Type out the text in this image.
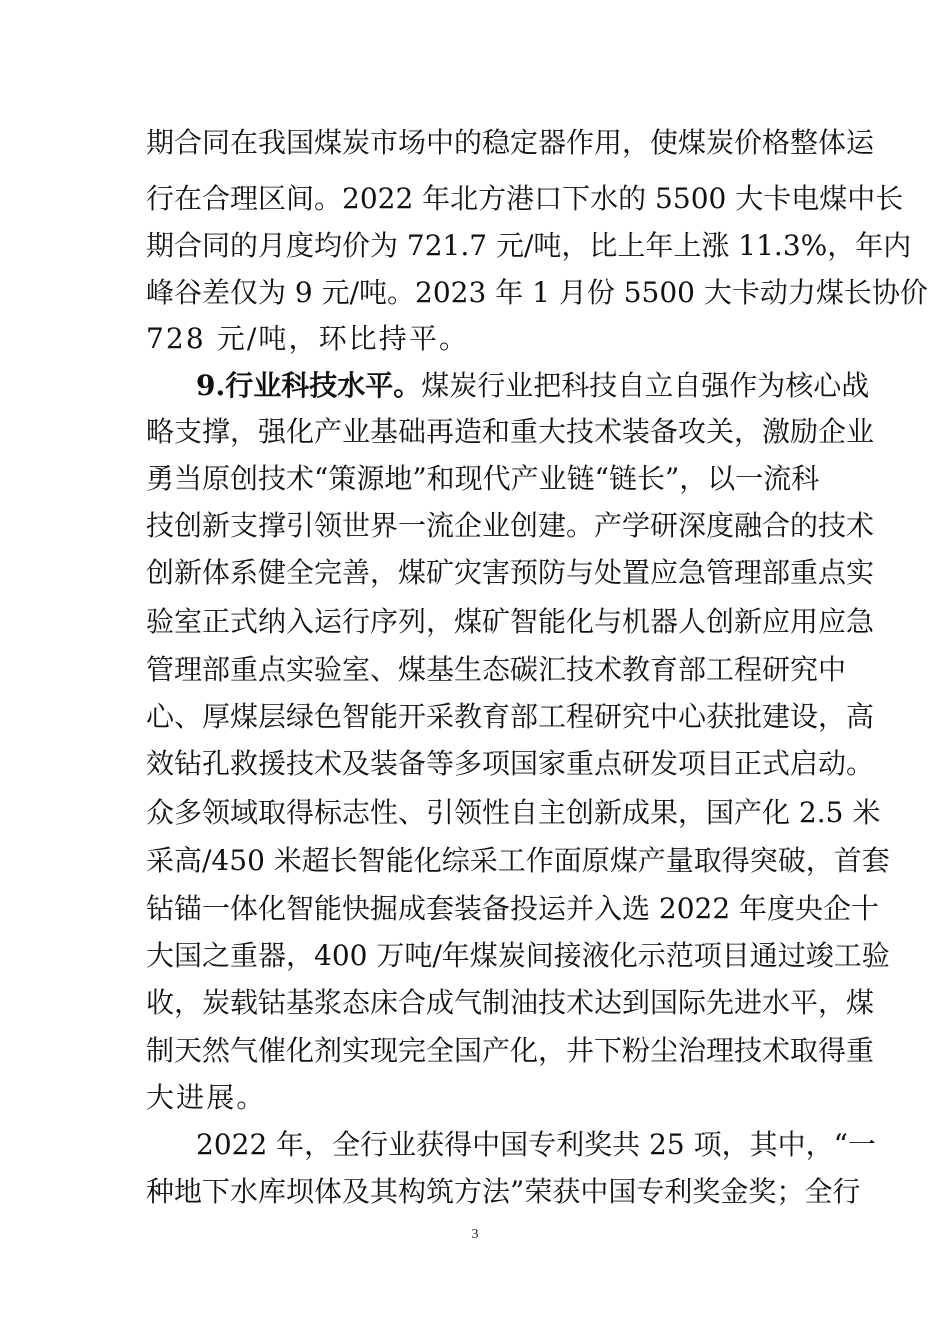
期合同在我国煤炭市场中的稳定器作用，使煤炭价格整体运
行在合理区间。2022 年北方港口下水的 5500 大卡电煤中长
期合同的月度均价为 721.7 元/吨，比上年上涨 11.3%，年内
峰谷差仅为 9 元/吨。2023 年 1 月份 5500 大卡动力煤长协价
728 元/吨，环比持平。
9.行业科技水平。煤炭行业把科技自立自强作为核心战
略支撑，强化产业基础再造和重大技术装备攻关，激励企业
勇当原创技术“策源地”和现代产业链“链长”，以一流科
技创新支撑引领世界一流企业创建。产学研深度融合的技术
创新体系健全完善，煤矿灾害预防与处置应急管理部重点实
验室正式纳入运行序列，煤矿智能化与机器人创新应用应急
管理部重点实验室、煤基生态碳汇技术教育部工程研究中
心、厚煤层绿色智能开采教育部工程研究中心获批建设，高
效钻孔救援技术及装备等多项国家重点研发项目正式启动。
众多领域取得标志性、引领性自主创新成果，国产化 2.5 米
采高/450 米超长智能化综采工作面原煤产量取得突破，首套
钻锚一体化智能快掘成套装备投运并入选 2022 年度央企十
大国之重器，400 万吨/年煤炭间接液化示范项目通过竣工验
收，炭载钴基浆态床合成气制油技术达到国际先进水平，煤
制天然气催化剂实现完全国产化，井下粉尘治理技术取得重
大进展。
2022 年，全行业获得中国专利奖共 25 项，其中，“一
种地下水库坝体及其构筑方法”荣获中国专利奖金奖；全行
3
